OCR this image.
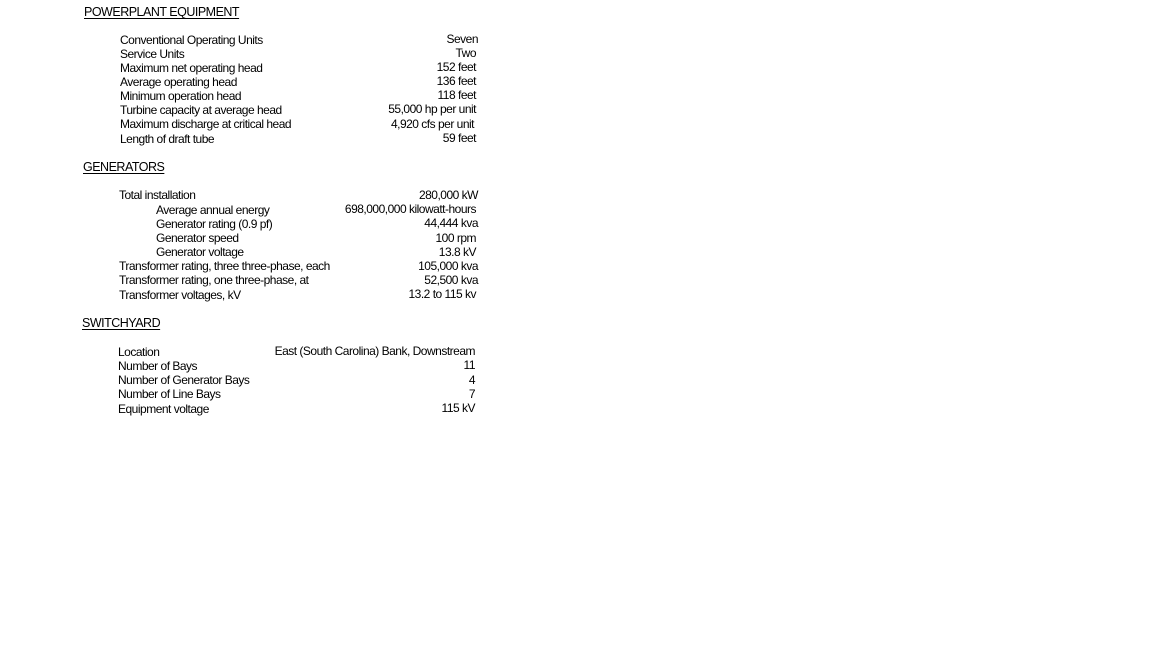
POWERPLANT EQUIPMENT
Conventional Operating Units	Seven
Service Units	Two
Maximum net operating head	152 feet
Average operating head	136 feet
Minimum operation head	118 feet
Turbine capacity at average head	55,000 hp per unit
Maximum discharge at critical head	4,920 cfs per unit
Length of draft tube	59 feet
GENERATORS
Total installation	280,000 kW
Average annual energy	698,000,000 kilowatt-hours
Generator rating (0.9 pf)	44,444 kva
Generator speed	100 rpm
Generator voltage	13.8 kV
Transformer rating, three three-phase, each	105,000 kva
Transformer rating, one three-phase, at	52,500 kva
Transformer voltages, kV	13.2 to 115 kv
SWITCHYARD
Location	East (South Carolina) Bank, Downstream
Number of Bays	11
Number of Generator Bays	4
Number of Line Bays	7
Equipment voltage	115 kV
